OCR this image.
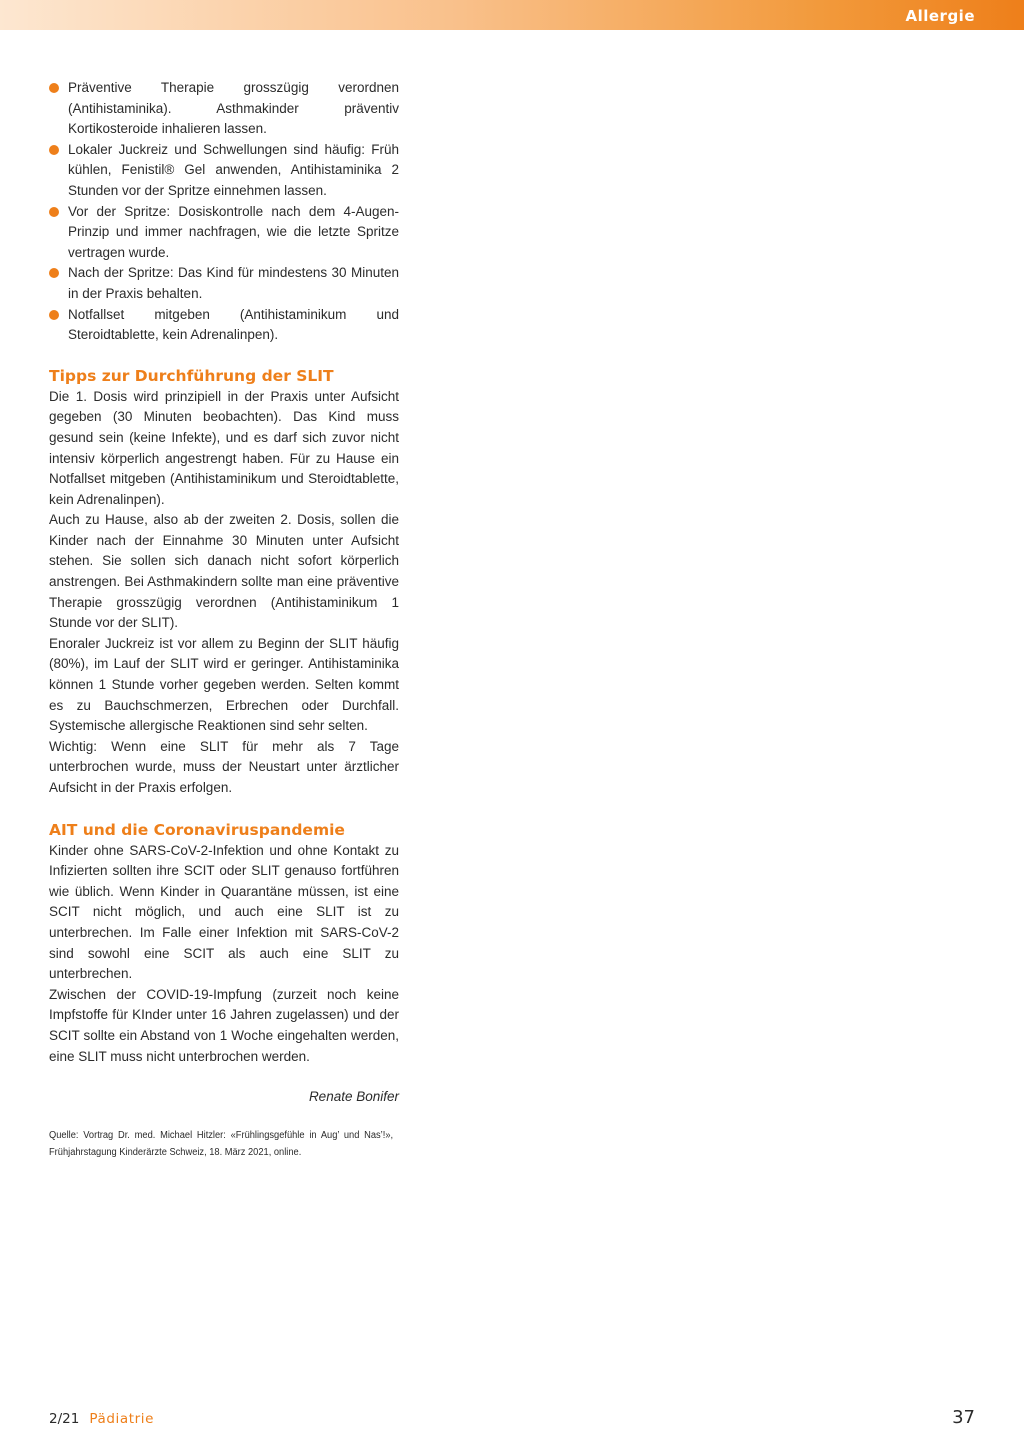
Allergie
Präventive Therapie grosszügig verordnen (Antihistaminika). Asthmakinder präventiv Kortikosteroide inhalieren lassen.
Lokaler Juckreiz und Schwellungen sind häufig: Früh kühlen, Fenistil® Gel anwenden, Antihistaminika 2 Stunden vor der Spritze einnehmen lassen.
Vor der Spritze: Dosiskontrolle nach dem 4-Augen-Prinzip und immer nachfragen, wie die letzte Spritze vertragen wurde.
Nach der Spritze: Das Kind für mindestens 30 Minuten in der Praxis behalten.
Notfallset mitgeben (Antihistaminikum und Steroidtablette, kein Adrenalinpen).
Tipps zur Durchführung der SLIT

Die 1. Dosis wird prinzipiell in der Praxis unter Aufsicht gegeben (30 Minuten beobachten). Das Kind muss gesund sein (keine Infekte), und es darf sich zuvor nicht intensiv körperlich angestrengt haben. Für zu Hause ein Notfallset mitgeben (Antihistaminikum und Steroidtablette, kein Adrenalinpen).

Auch zu Hause, also ab der zweiten 2. Dosis, sollen die Kinder nach der Einnahme 30 Minuten unter Aufsicht stehen. Sie sollen sich danach nicht sofort körperlich anstrengen. Bei Asthmakindern sollte man eine präventive Therapie grosszügig verordnen (Antihistaminikum 1 Stunde vor der SLIT).

Enoraler Juckreiz ist vor allem zu Beginn der SLIT häufig (80%), im Lauf der SLIT wird er geringer. Antihistaminika können 1 Stunde vorher gegeben werden. Selten kommt es zu Bauchschmerzen, Erbrechen oder Durchfall. Systemische allergische Reaktionen sind sehr selten.

Wichtig: Wenn eine SLIT für mehr als 7 Tage unterbrochen wurde, muss der Neustart unter ärztlicher Aufsicht in der Praxis erfolgen.

AIT und die Coronaviruspandemie

Kinder ohne SARS-CoV-2-Infektion und ohne Kontakt zu Infizierten sollten ihre SCIT oder SLIT genauso fortführen wie üblich. Wenn Kinder in Quarantäne müssen, ist eine SCIT nicht möglich, und auch eine SLIT ist zu unterbrechen. Im Falle einer Infektion mit SARS-CoV-2 sind sowohl eine SCIT als auch eine SLIT zu unterbrechen.

Zwischen der COVID-19-Impfung (zurzeit noch keine Impfstoffe für KInder unter 16 Jahren zugelassen) und der SCIT sollte ein Abstand von 1 Woche eingehalten werden, eine SLIT muss nicht unterbrochen werden.

Renate Bonifer
Quelle: Vortrag Dr. med. Michael Hitzler: «Frühlingsgefühle in Aug’ und Nas’!», Frühjahrstagung Kinderärzte Schweiz, 18. März 2021, online.
2/21 Pädiatrie	37
